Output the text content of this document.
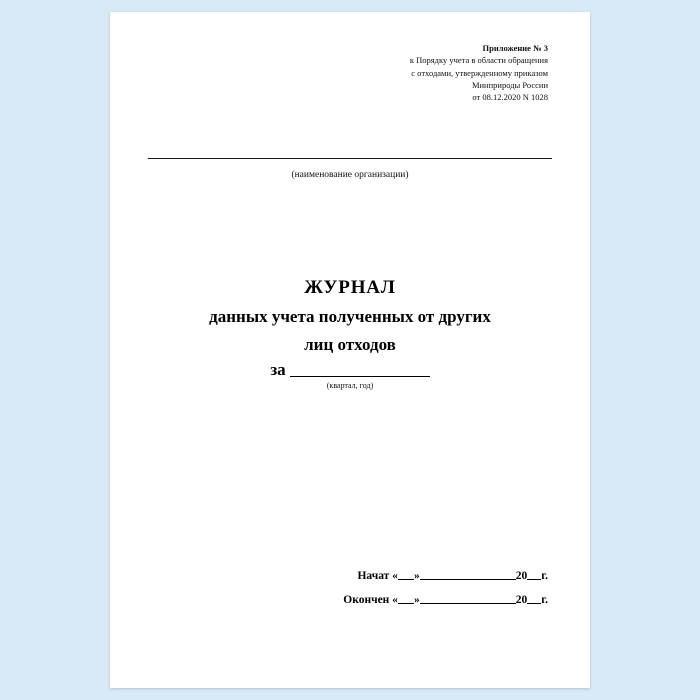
Приложение № 3
к Порядку учета в области обращения
с отходами, утвержденному приказом
Минприроды России
от 08.12.2020 N 1028
(наименование организации)
ЖУРНАЛ
данных учета полученных от других
лиц отходов
за
(квартал, год)
Начат « »	20 г.
Окончен « »	20 г.
